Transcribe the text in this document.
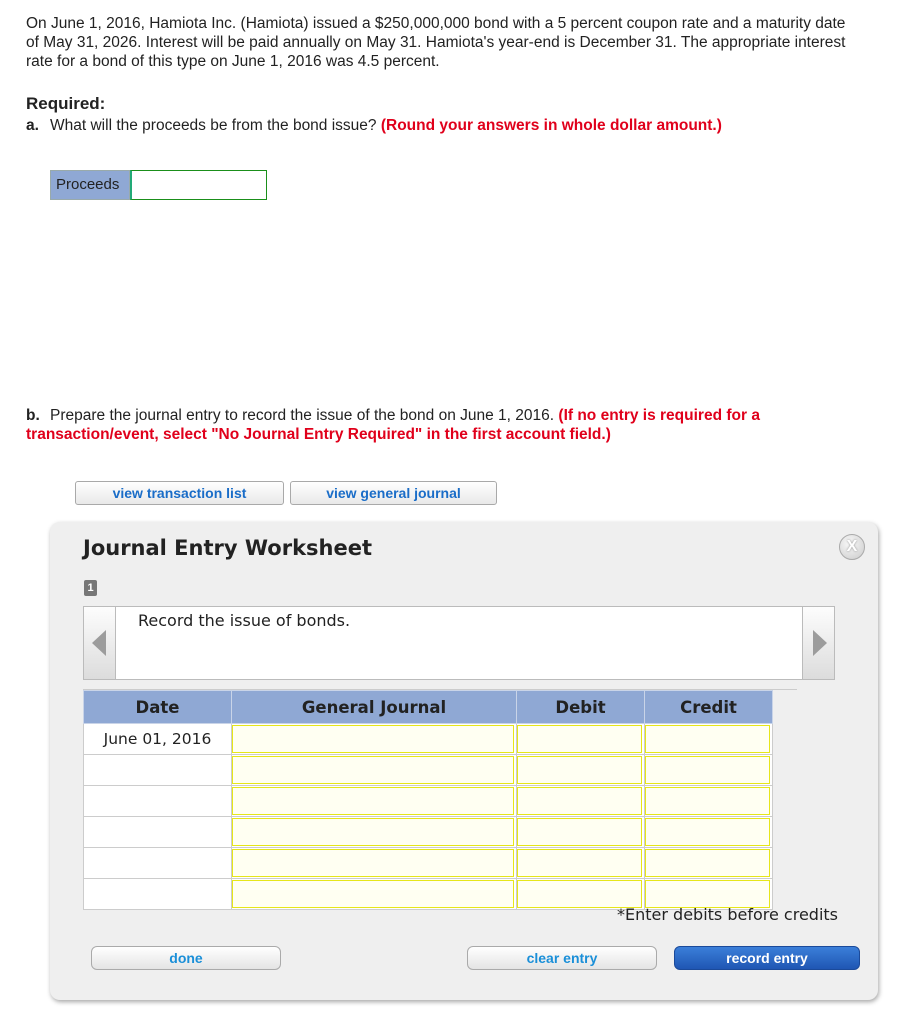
On June 1, 2016, Hamiota Inc. (Hamiota) issued a $250,000,000 bond with a 5 percent coupon rate and a maturity date of May 31, 2026. Interest will be paid annually on May 31. Hamiota's year-end is December 31. The appropriate interest rate for a bond of this type on June 1, 2016 was 4.5 percent.

Required:

a. What will the proceeds be from the bond issue? (Round your answers in whole dollar amount.)
Proceeds
b. Prepare the journal entry to record the issue of the bond on June 1, 2016. (If no entry is required for a transaction/event, select "No Journal Entry Required" in the first account field.)
view transaction list	view general journal
Journal Entry Worksheet	X
1
Record the issue of bonds.
Date	General Journal	Debit	Credit
June 01, 2016	

*Enter debits before credits
done	clear entry	record entry
